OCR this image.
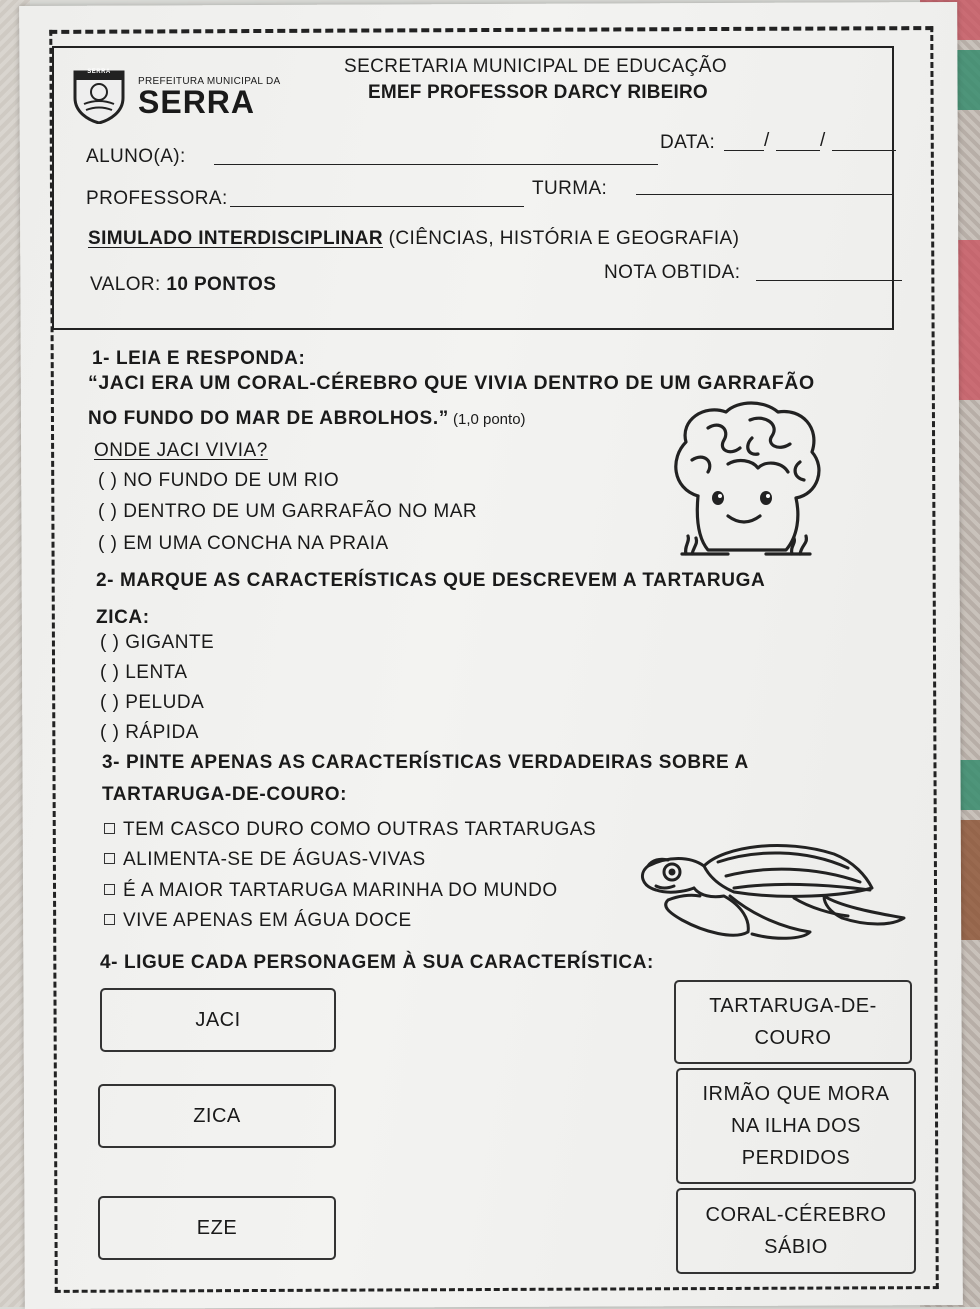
SERRA
PREFEITURA MUNICIPAL DA
SERRA
SECRETARIA MUNICIPAL DE EDUCAÇÃO
EMEF PROFESSOR DARCY RIBEIRO
ALUNO(A):
DATA:	/	/
PROFESSORA:	TURMA:
SIMULADO INTERDISCIPLINAR (CIÊNCIAS, HISTÓRIA E GEOGRAFIA)
VALOR: 10 PONTOS
NOTA OBTIDA:
1- LEIA E RESPONDA:
“JACI ERA UM CORAL-CÉREBRO QUE VIVIA DENTRO DE UM GARRAFÃO
NO FUNDO DO MAR DE ABROLHOS.” (1,0 ponto)
ONDE JACI VIVIA?
( ) NO FUNDO DE UM RIO
( ) DENTRO DE UM GARRAFÃO NO MAR
( ) EM UMA CONCHA NA PRAIA
2- MARQUE AS CARACTERÍSTICAS QUE DESCREVEM A TARTARUGA
ZICA:
( ) GIGANTE
( ) LENTA
( ) PELUDA
( ) RÁPIDA
3- PINTE APENAS AS CARACTERÍSTICAS VERDADEIRAS SOBRE A
TARTARUGA-DE-COURO:
TEM CASCO DURO COMO OUTRAS TARTARUGAS
ALIMENTA-SE DE ÁGUAS-VIVAS
É A MAIOR TARTARUGA MARINHA DO MUNDO
VIVE APENAS EM ÁGUA DOCE
4- LIGUE CADA PERSONAGEM À SUA CARACTERÍSTICA:
JACI
ZICA
EZE
TARTARUGA-DE-
COURO
IRMÃO QUE MORA
NA ILHA DOS
PERDIDOS
CORAL-CÉREBRO
SÁBIO
